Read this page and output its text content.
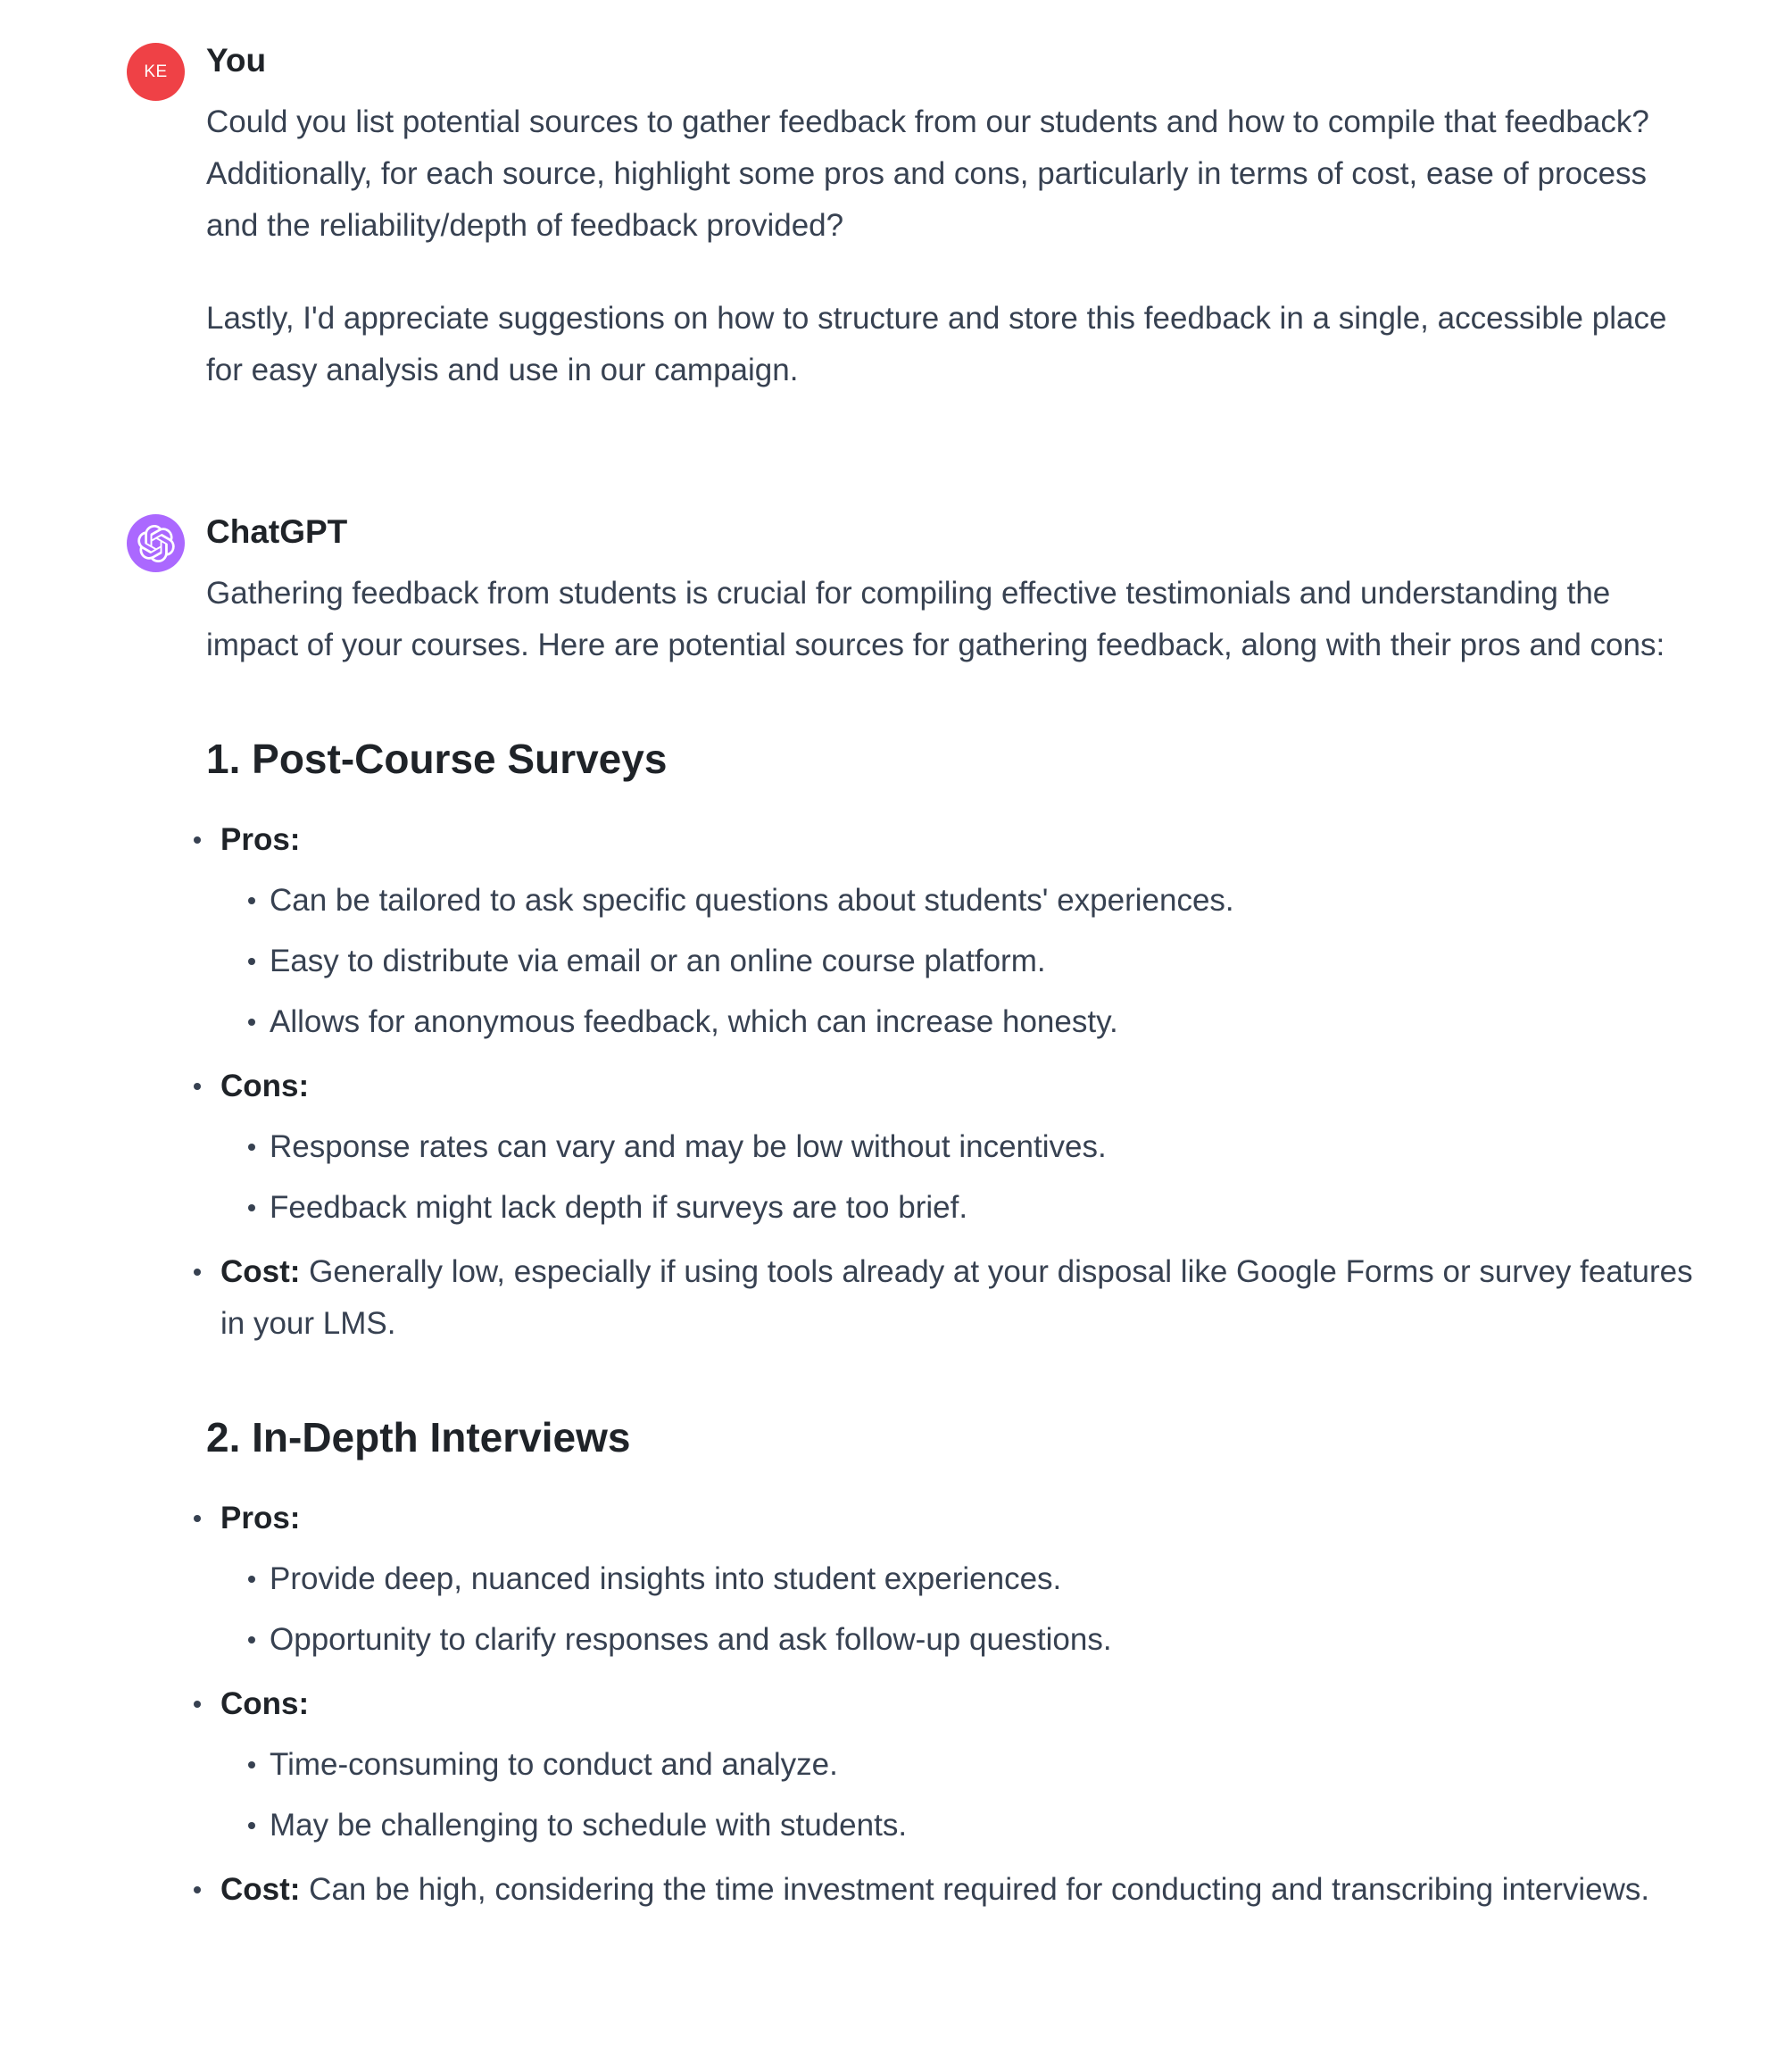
KE You

Could you list potential sources to gather feedback from our students and how to compile that feedback? Additionally, for each source, highlight some pros and cons, particularly in terms of cost, ease of process and the reliability/depth of feedback provided?

Lastly, I'd appreciate suggestions on how to structure and store this feedback in a single, accessible place for easy analysis and use in our campaign.

ChatGPT

Gathering feedback from students is crucial for compiling effective testimonials and understanding the impact of your courses. Here are potential sources for gathering feedback, along with their pros and cons:

1. Post-Course Surveys
Pros:
Can be tailored to ask specific questions about students' experiences.
Easy to distribute via email or an online course platform.
Allows for anonymous feedback, which can increase honesty.
Cons:
Response rates can vary and may be low without incentives.
Feedback might lack depth if surveys are too brief.
Cost: Generally low, especially if using tools already at your disposal like Google Forms or survey features in your LMS.
2. In-Depth Interviews
Pros:
Provide deep, nuanced insights into student experiences.
Opportunity to clarify responses and ask follow-up questions.
Cons:
Time-consuming to conduct and analyze.
May be challenging to schedule with students.
Cost: Can be high, considering the time investment required for conducting and transcribing interviews.
